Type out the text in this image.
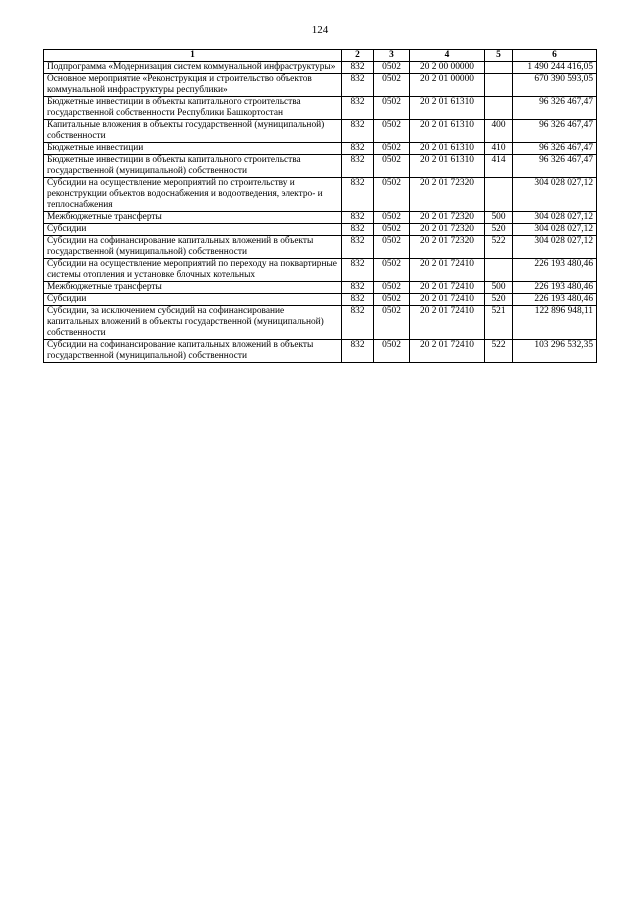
124
1	2	3	4	5	6
Подпрограмма «Модернизация систем коммунальной инфраструктуры»	832	0502	20 2 00 00000		1 490 244 416,05
Основное мероприятие «Реконструкция и строительство объектов коммунальной инфраструктуры республики»	832	0502	20 2 01 00000		670 390 593,05
Бюджетные инвестиции в объекты капитального строительства государственной собственности Республики Башкортостан	832	0502	20 2 01 61310		96 326 467,47
Капитальные вложения в объекты государственной (муниципальной) собственности	832	0502	20 2 01 61310	400	96 326 467,47
Бюджетные инвестиции	832	0502	20 2 01 61310	410	96 326 467,47
Бюджетные инвестиции в объекты капитального строительства государственной (муниципальной) собственности	832	0502	20 2 01 61310	414	96 326 467,47
Субсидии на осуществление мероприятий по строительству и реконструкции объектов водоснабжения и водоотведения, электро- и теплоснабжения	832	0502	20 2 01 72320		304 028 027,12
Межбюджетные трансферты	832	0502	20 2 01 72320	500	304 028 027,12
Субсидии	832	0502	20 2 01 72320	520	304 028 027,12
Субсидии на софинансирование капитальных вложений в объекты государственной (муниципальной) собственности	832	0502	20 2 01 72320	522	304 028 027,12
Субсидии на осуществление мероприятий по переходу на поквартирные системы отопления и установке блочных котельных	832	0502	20 2 01 72410		226 193 480,46
Межбюджетные трансферты	832	0502	20 2 01 72410	500	226 193 480,46
Субсидии	832	0502	20 2 01 72410	520	226 193 480,46
Субсидии, за исключением субсидий на софинансирование капитальных вложений в объекты государственной (муниципальной) собственности	832	0502	20 2 01 72410	521	122 896 948,11
Субсидии на софинансирование капитальных вложений в объекты государственной (муниципальной) собственности	832	0502	20 2 01 72410	522	103 296 532,35
